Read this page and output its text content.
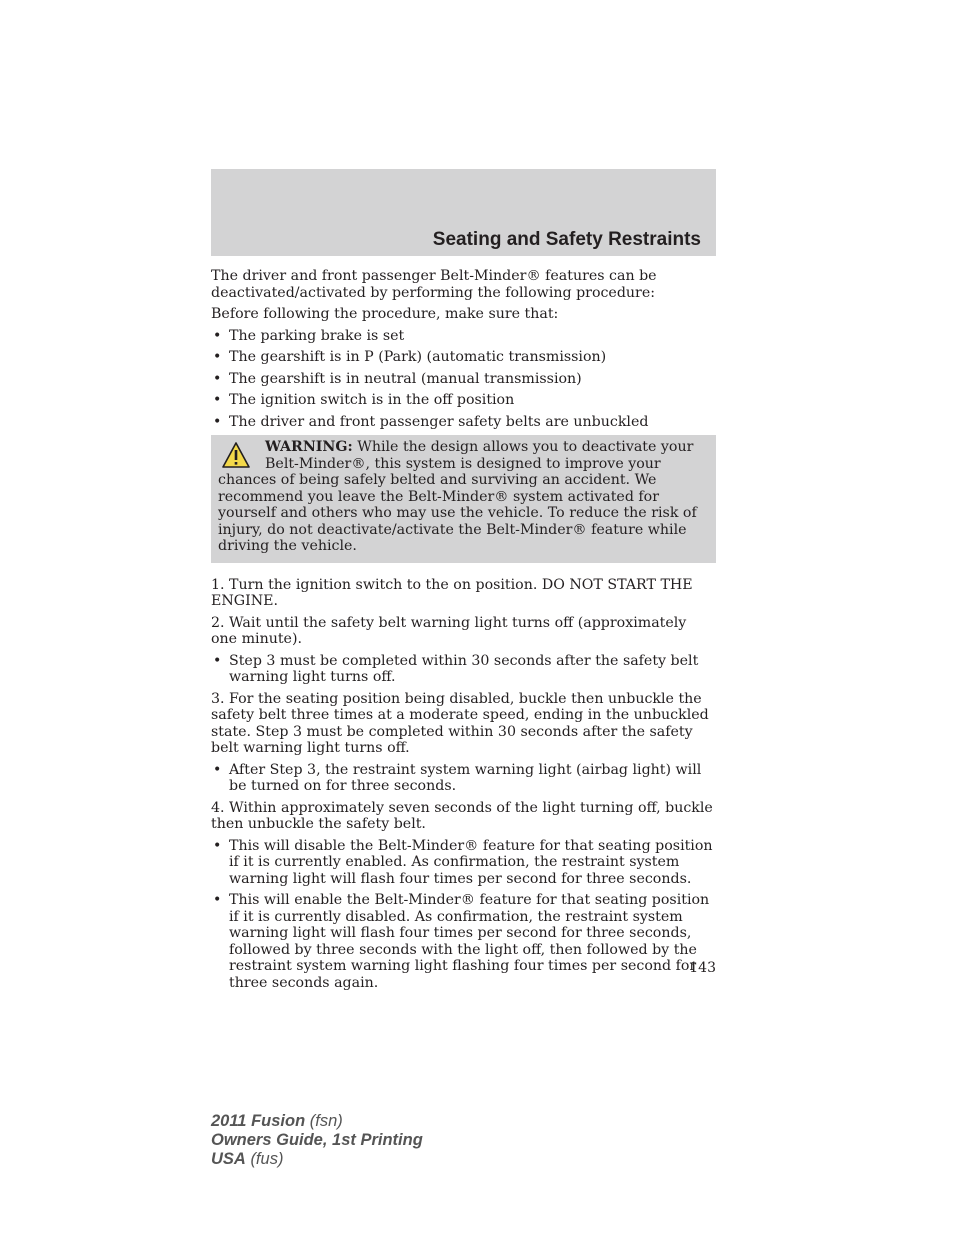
Seating and Safety Restraints

The driver and front passenger Belt-Minder® features can be deactivated/activated by performing the following procedure:

Before following the procedure, make sure that:

• The parking brake is set
• The gearshift is in P (Park) (automatic transmission)
• The gearshift is in neutral (manual transmission)
• The ignition switch is in the off position
• The driver and front passenger safety belts are unbuckled
WARNING: While the design allows you to deactivate your Belt-Minder®, this system is designed to improve your chances of being safely belted and surviving an accident. We recommend you leave the Belt-Minder® system activated for yourself and others who may use the vehicle. To reduce the risk of injury, do not deactivate/activate the Belt-Minder® feature while driving the vehicle.

1. Turn the ignition switch to the on position. DO NOT START THE ENGINE.

2. Wait until the safety belt warning light turns off (approximately one minute).

• Step 3 must be completed within 30 seconds after the safety belt warning light turns off.

3. For the seating position being disabled, buckle then unbuckle the safety belt three times at a moderate speed, ending in the unbuckled state. Step 3 must be completed within 30 seconds after the safety belt warning light turns off.

• After Step 3, the restraint system warning light (airbag light) will be turned on for three seconds.

4. Within approximately seven seconds of the light turning off, buckle then unbuckle the safety belt.

• This will disable the Belt-Minder® feature for that seating position if it is currently enabled. As confirmation, the restraint system warning light will flash four times per second for three seconds.
• This will enable the Belt-Minder® feature for that seating position if it is currently disabled. As confirmation, the restraint system warning light will flash four times per second for three seconds, followed by three seconds with the light off, then followed by the restraint system warning light flashing four times per second for three seconds again.
143
2011 Fusion (fsn)
Owners Guide, 1st Printing
USA (fus)
